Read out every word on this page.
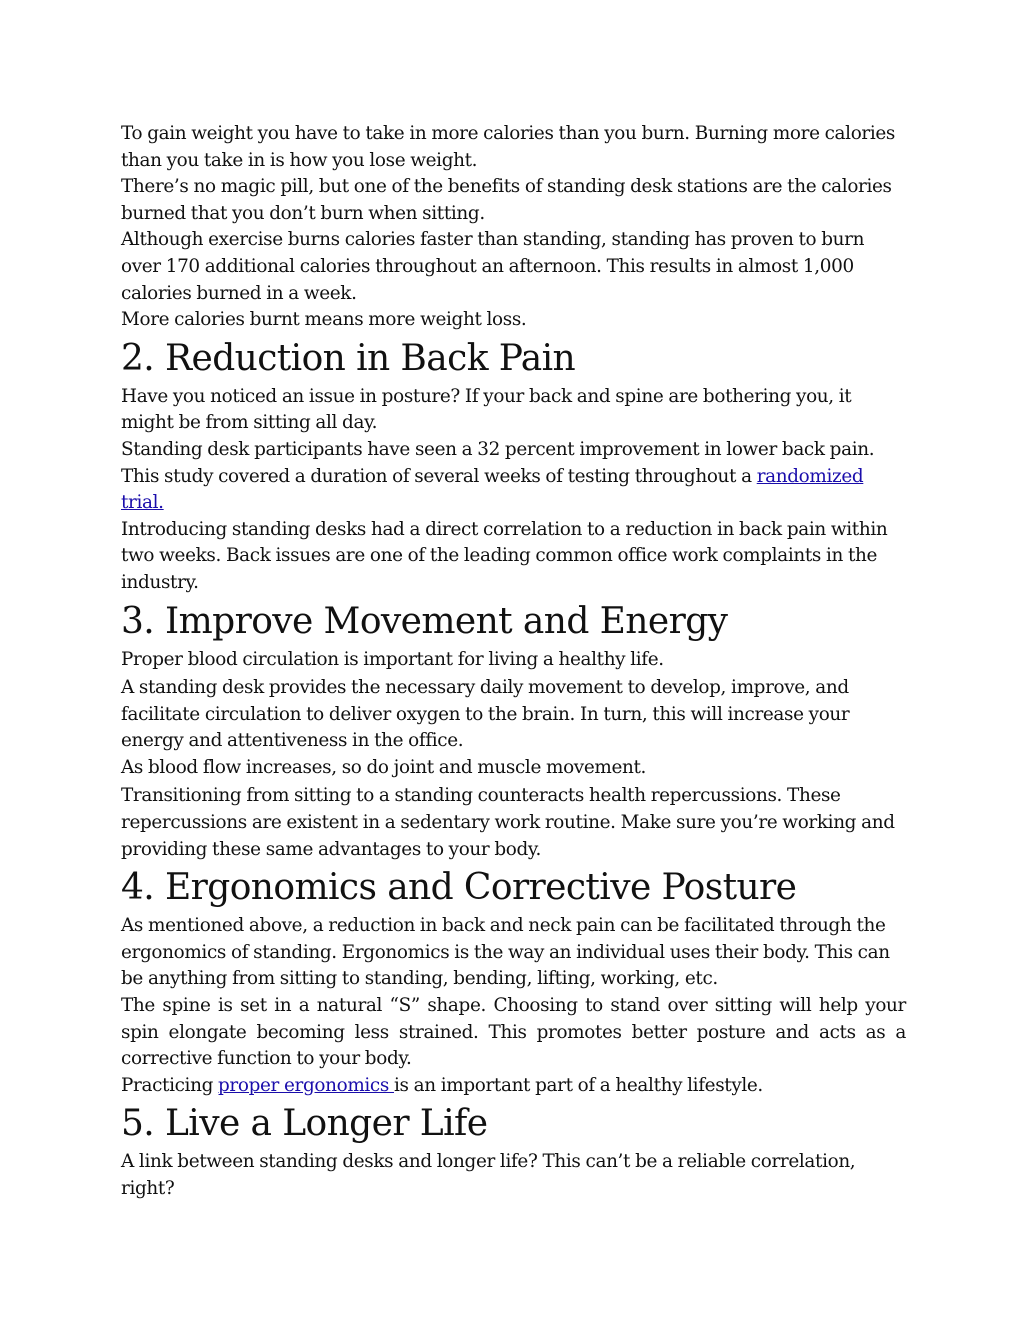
To gain weight you have to take in more calories than you burn. Burning more calories than you take in is how you lose weight.

There’s no magic pill, but one of the benefits of standing desk stations are the calories burned that you don’t burn when sitting.

Although exercise burns calories faster than standing, standing has proven to burn over 170 additional calories throughout an afternoon. This results in almost 1,000 calories burned in a week.

More calories burnt means more weight loss.

2. Reduction in Back Pain

Have you noticed an issue in posture? If your back and spine are bothering you, it might be from sitting all day.

Standing desk participants have seen a 32 percent improvement in lower back pain. This study covered a duration of several weeks of testing throughout a randomized trial.

Introducing standing desks had a direct correlation to a reduction in back pain within two weeks. Back issues are one of the leading common office work complaints in the industry.

3. Improve Movement and Energy

Proper blood circulation is important for living a healthy life.

A standing desk provides the necessary daily movement to develop, improve, and facilitate circulation to deliver oxygen to the brain. In turn, this will increase your energy and attentiveness in the office.

As blood flow increases, so do joint and muscle movement.

Transitioning from sitting to a standing counteracts health repercussions. These repercussions are existent in a sedentary work routine. Make sure you’re working and providing these same advantages to your body.

4. Ergonomics and Corrective Posture

As mentioned above, a reduction in back and neck pain can be facilitated through the ergonomics of standing. Ergonomics is the way an individual uses their body. This can be anything from sitting to standing, bending, lifting, working, etc.

The spine is set in a natural “S” shape. Choosing to stand over sitting will help your spin elongate becoming less strained. This promotes better posture and acts as a corrective function to your body.

Practicing proper ergonomics is an important part of a healthy lifestyle.

5. Live a Longer Life

A link between standing desks and longer life? This can’t be a reliable correlation, right?
